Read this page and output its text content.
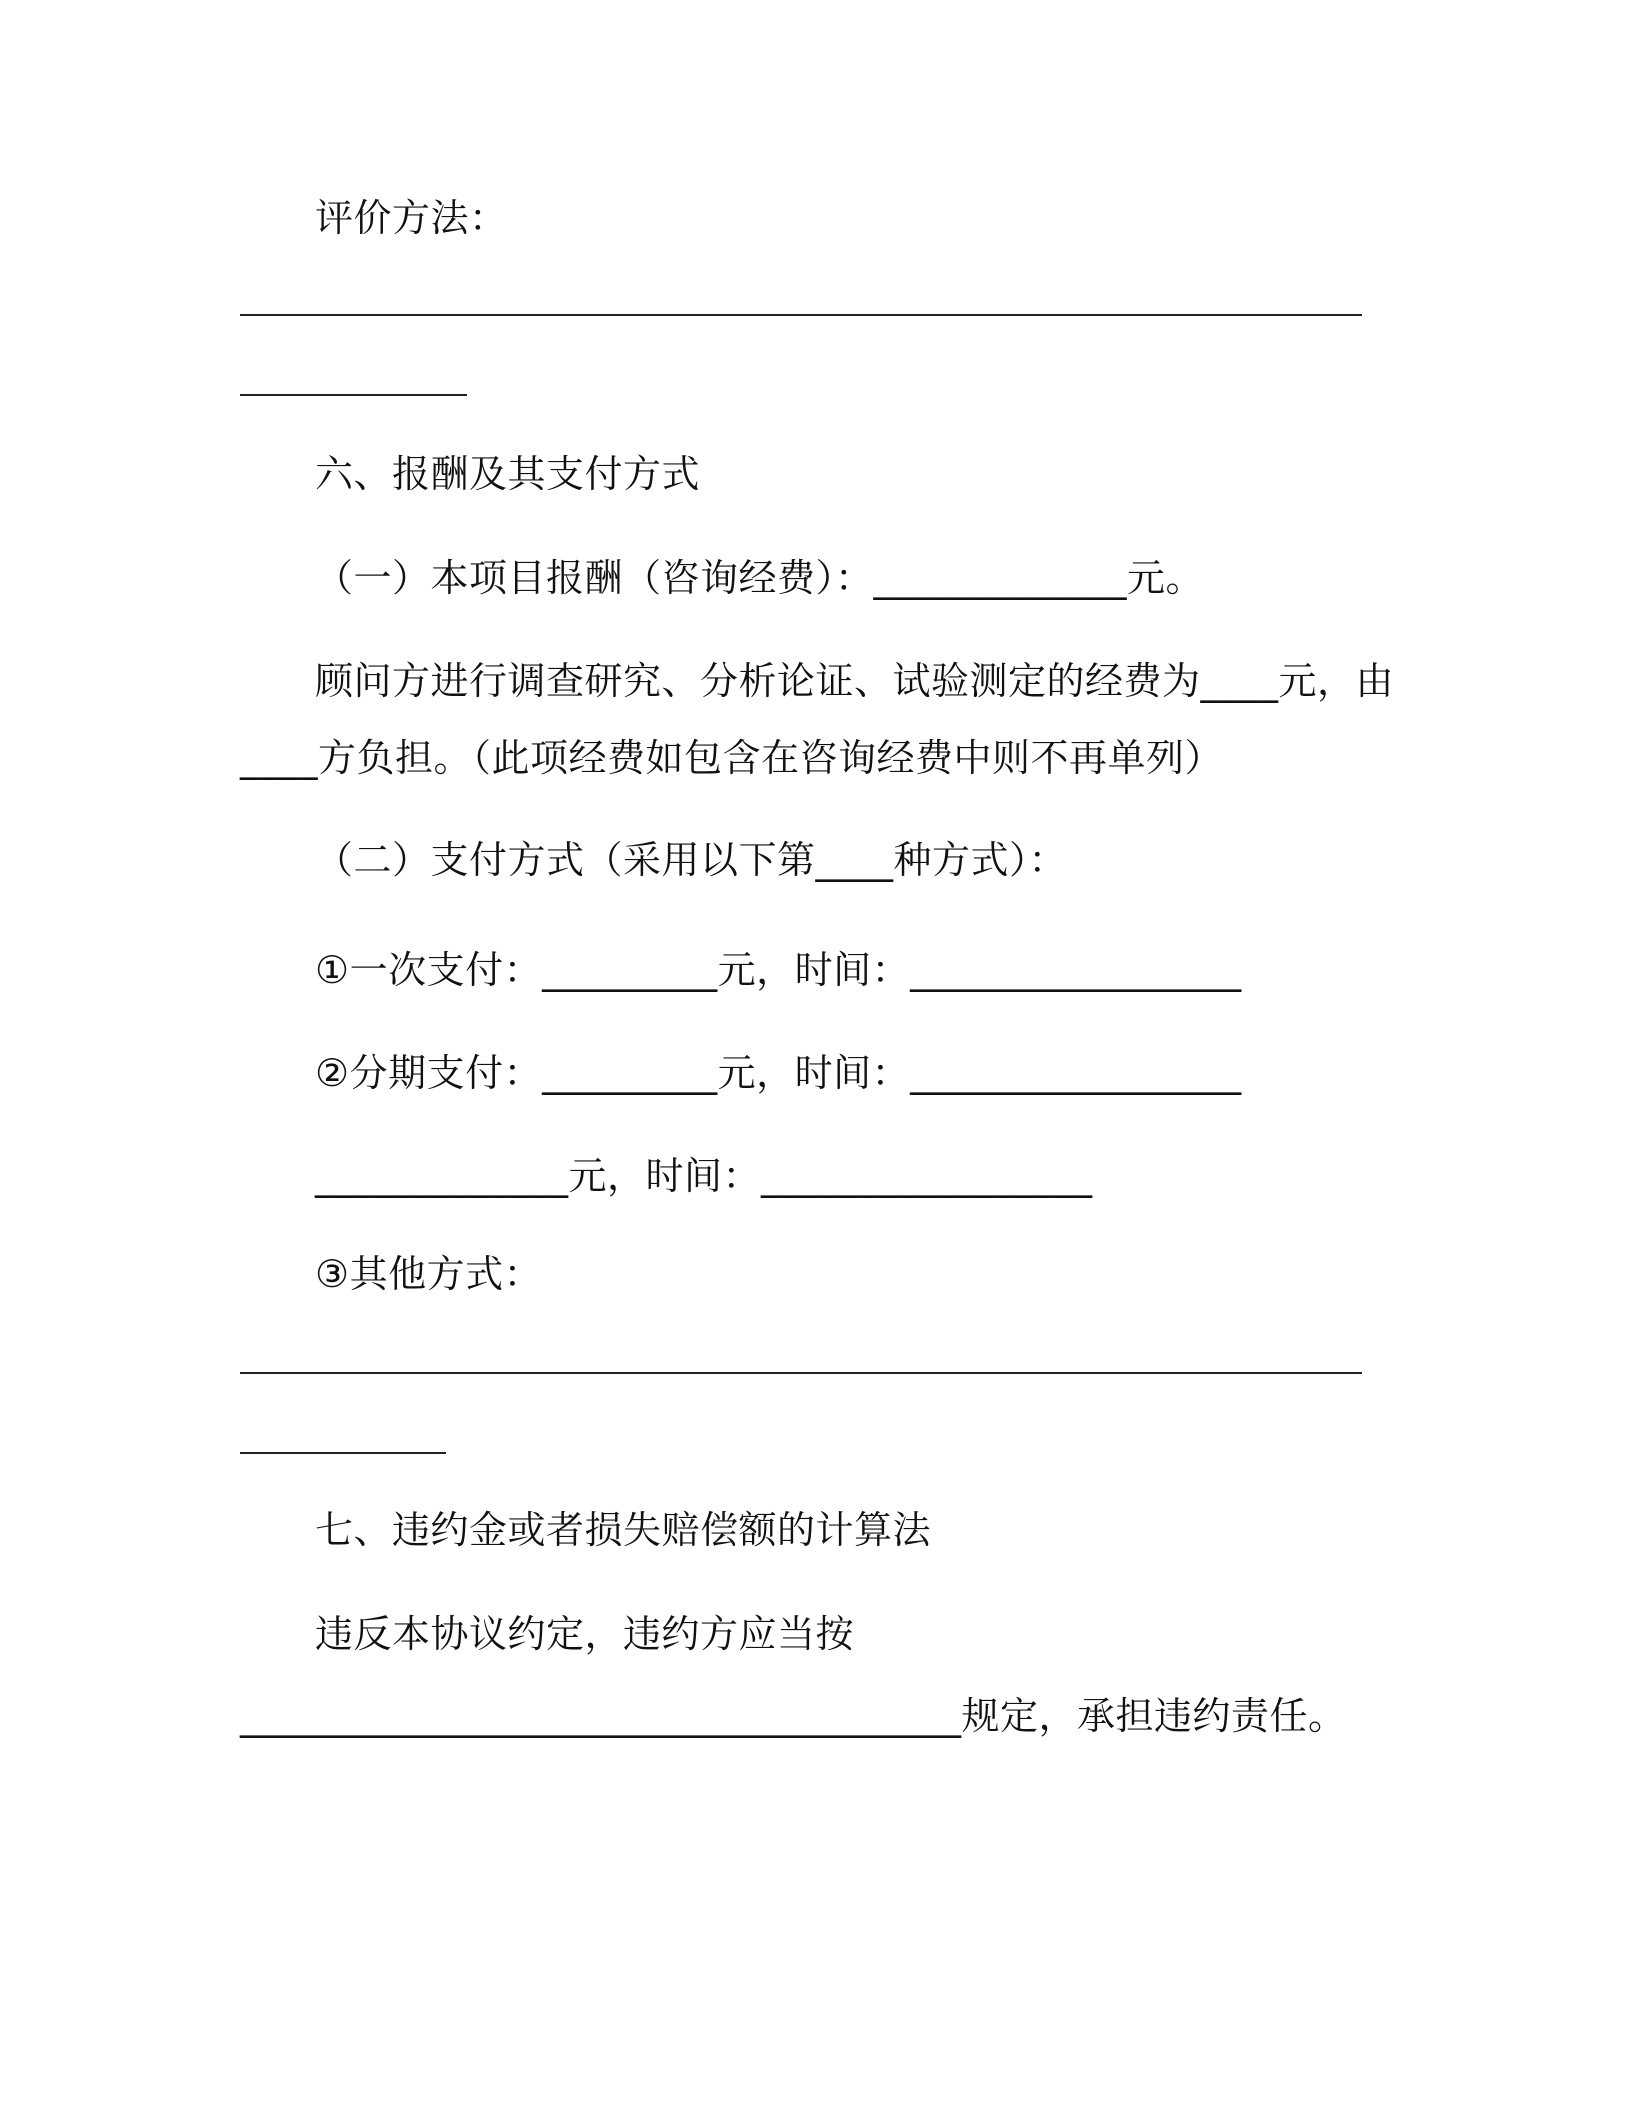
评价方法：
六、报酬及其支付方式
（一）本项目报酬（咨询经费）：_____________元。
顾问方进行调查研究、分析论证、试验测定的经费为____元，由
____方负担。（此项经费如包含在咨询经费中则不再单列）
（二）支付方式（采用以下第____种方式）：
①一次支付：_________元，时间：_________________
②分期支付：_________元，时间：_________________
_____________元，时间：_________________
③其他方式：
七、违约金或者损失赔偿额的计算法
违反本协议约定，违约方应当按
_____________________________________规定，承担违约责任。
